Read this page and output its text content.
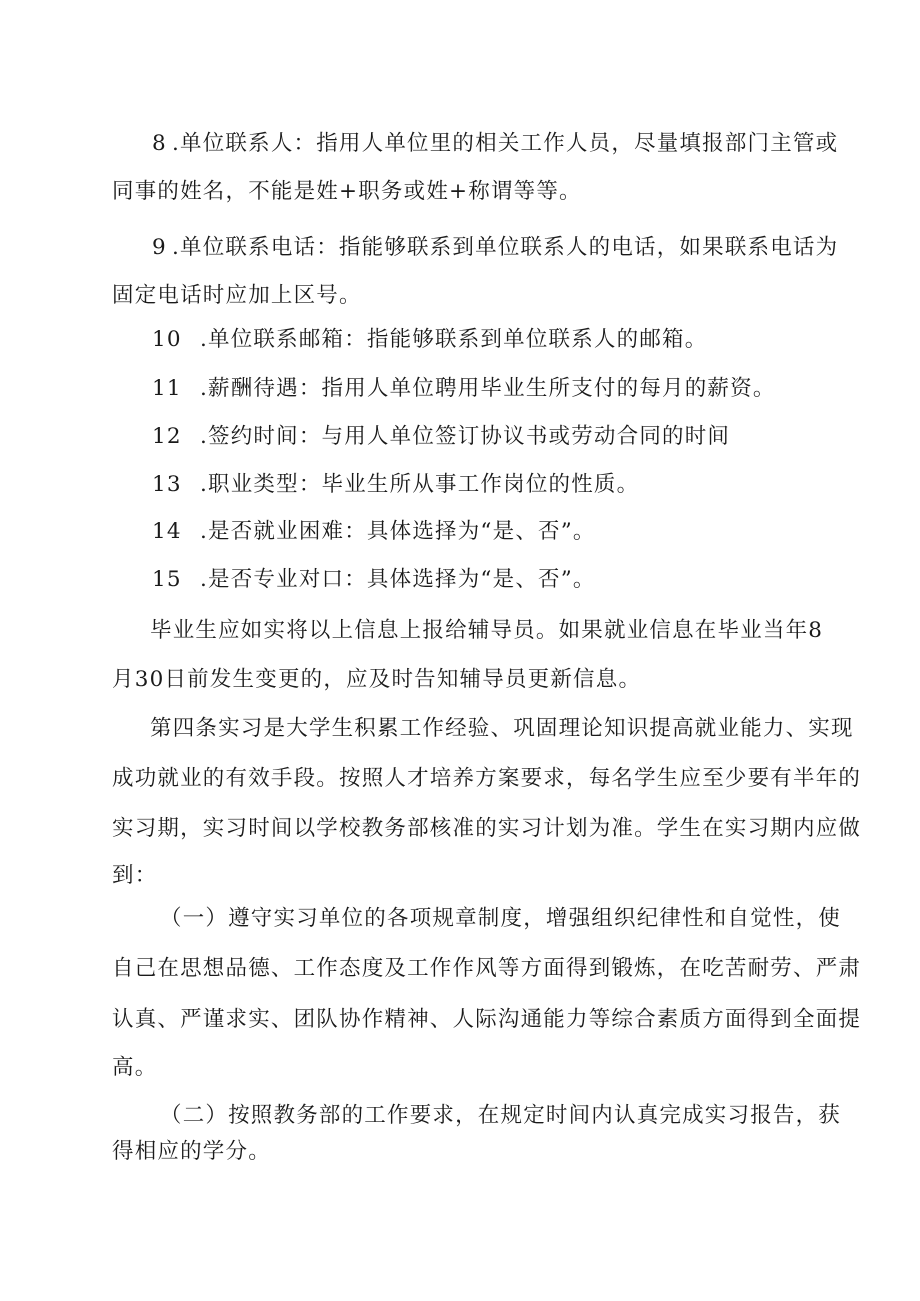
8 .单位联系人：指用人单位里的相关工作人员，尽量填报部门主管或
同事的姓名，不能是姓+职务或姓+称谓等等。
9 .单位联系电话：指能够联系到单位联系人的电话，如果联系电话为
固定电话时应加上区号。
10 .单位联系邮箱：指能够联系到单位联系人的邮箱。
11 .薪酬待遇：指用人单位聘用毕业生所支付的每月的薪资。
12 .签约时间：与用人单位签订协议书或劳动合同的时间
13 .职业类型：毕业生所从事工作岗位的性质。
14 .是否就业困难：具体选择为“是、否”。
15 .是否专业对口：具体选择为“是、否”。
毕业生应如实将以上信息上报给辅导员。如果就业信息在毕业当年8
月30日前发生变更的，应及时告知辅导员更新信息。
第四条实习是大学生积累工作经验、巩固理论知识提高就业能力、实现
成功就业的有效手段。按照人才培养方案要求，每名学生应至少要有半年的
实习期，实习时间以学校教务部核准的实习计划为准。学生在实习期内应做
到：
（一）遵守实习单位的各项规章制度，增强组织纪律性和自觉性，使
自己在思想品德、工作态度及工作作风等方面得到锻炼，在吃苦耐劳、严肃
认真、严谨求实、团队协作精神、人际沟通能力等综合素质方面得到全面提
高。
（二）按照教务部的工作要求，在规定时间内认真完成实习报告，获
得相应的学分。
